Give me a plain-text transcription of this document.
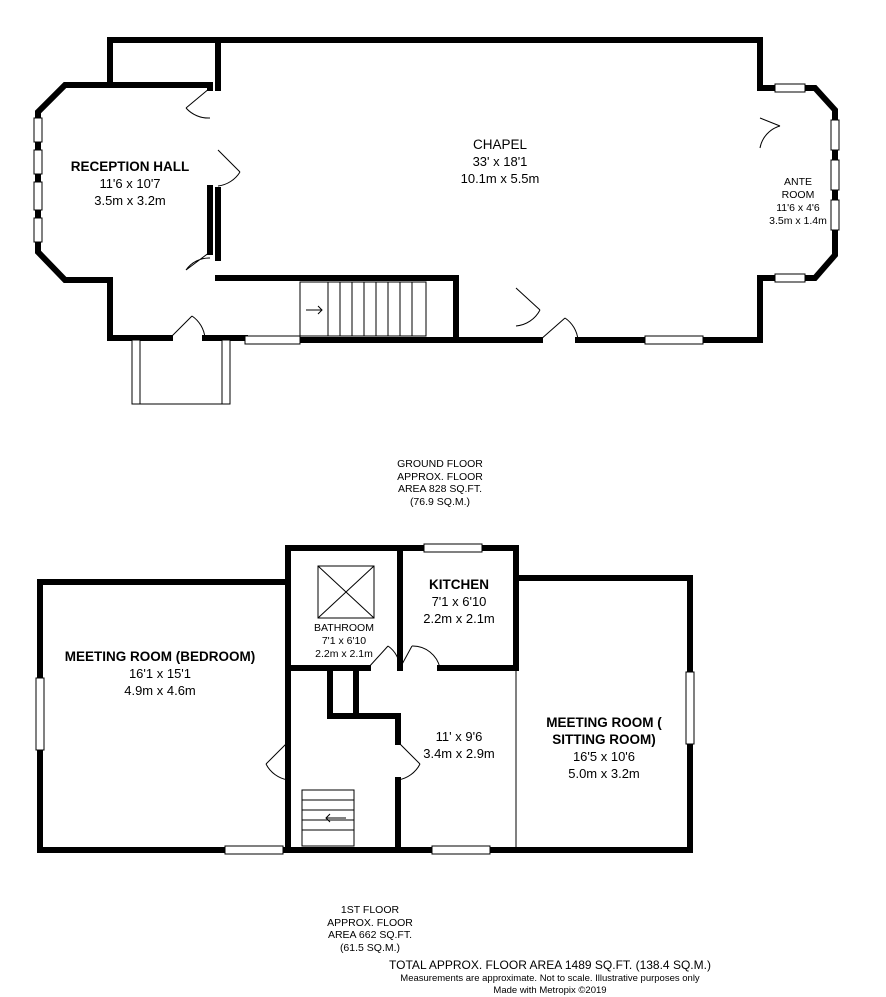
RECEPTION HALL
11'6 x 10'7
3.5m x 3.2m
CHAPEL
33' x 18'1
10.1m x 5.5m	ANTE
ROOM
11'6 x 4'6
3.5m x 1.4m
GROUND FLOOR
APPROX. FLOOR
AREA 828 SQ.FT.
(76.9 SQ.M.)
MEETING ROOM (BEDROOM)
16'1 x 15'1
4.9m x 4.6m
BATHROOM
7'1 x 6'10
2.2m x 2.1m
KITCHEN
7'1 x 6'10
2.2m x 2.1m
11' x 9'6
3.4m x 2.9m
MEETING ROOM (
SITTING ROOM)
16'5 x 10'6
5.0m x 3.2m
1ST FLOOR
APPROX. FLOOR
AREA 662 SQ.FT.
(61.5 SQ.M.)
TOTAL APPROX. FLOOR AREA 1489 SQ.FT. (138.4 SQ.M.)
Measurements are approximate. Not to scale. Illustrative purposes only
Made with Metropix ©2019
